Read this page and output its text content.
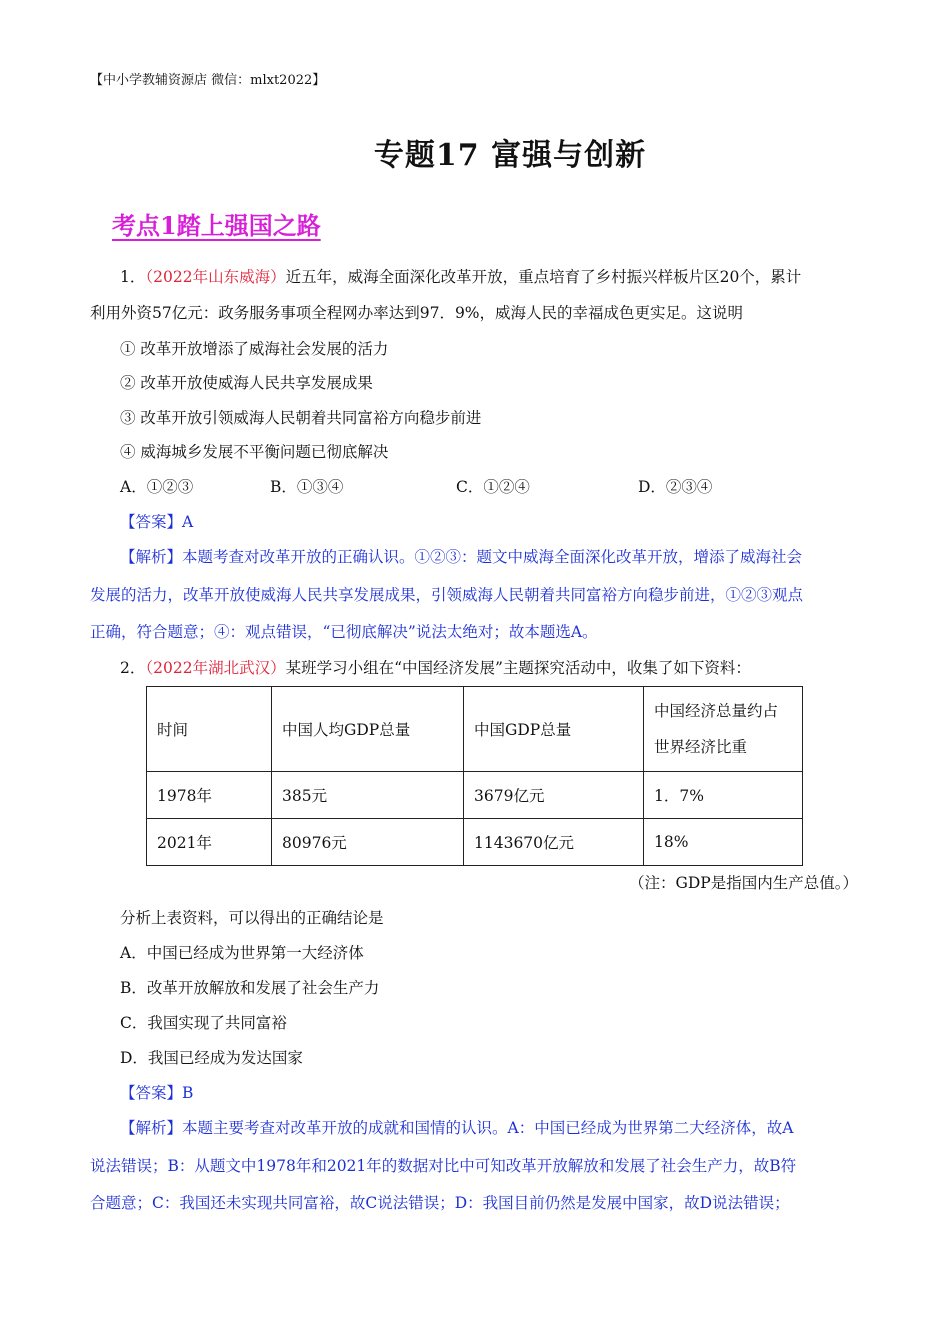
【中小学教辅资源店 微信：mlxt2022】
专题17 富强与创新
考点1踏上强国之路
1．（2022年山东威海）近五年，威海全面深化改革开放，重点培育了乡村振兴样板片区20个，累计
利用外资57亿元：政务服务事项全程网办率达到97．9%，威海人民的幸福成色更实足。这说明
① 改革开放增添了威海社会发展的活力
② 改革开放使威海人民共享发展成果
③ 改革开放引领威海人民朝着共同富裕方向稳步前进
④ 威海城乡发展不平衡问题已彻底解决
A．①②③	B．①③④	C．①②④	D．②③④
【答案】A
【解析】本题考查对改革开放的正确认识。①②③：题文中威海全面深化改革开放，增添了威海社会
发展的活力，改革开放使威海人民共享发展成果，引领威海人民朝着共同富裕方向稳步前进，①②③观点
正确，符合题意；④：观点错误，“已彻底解决”说法太绝对；故本题选A。
2．（2022年湖北武汉）某班学习小组在“中国经济发展”主题探究活动中，收集了如下资料：
时间	中国人均GDP总量	中国GDP总量	中国经济总量约占
世界经济比重

1978年	385元	3679亿元	1．7%
2021年	80976元	1143670亿元	18%
（注：GDP是指国内生产总值。）
分析上表资料，可以得出的正确结论是
A．中国已经成为世界第一大经济体
B．改革开放解放和发展了社会生产力
C．我国实现了共同富裕
D．我国已经成为发达国家
【答案】B
【解析】本题主要考查对改革开放的成就和国情的认识。A：中国已经成为世界第二大经济体，故A
说法错误；B：从题文中1978年和2021年的数据对比中可知改革开放解放和发展了社会生产力，故B符
合题意；C：我国还未实现共同富裕，故C说法错误；D：我国目前仍然是发展中国家，故D说法错误；
